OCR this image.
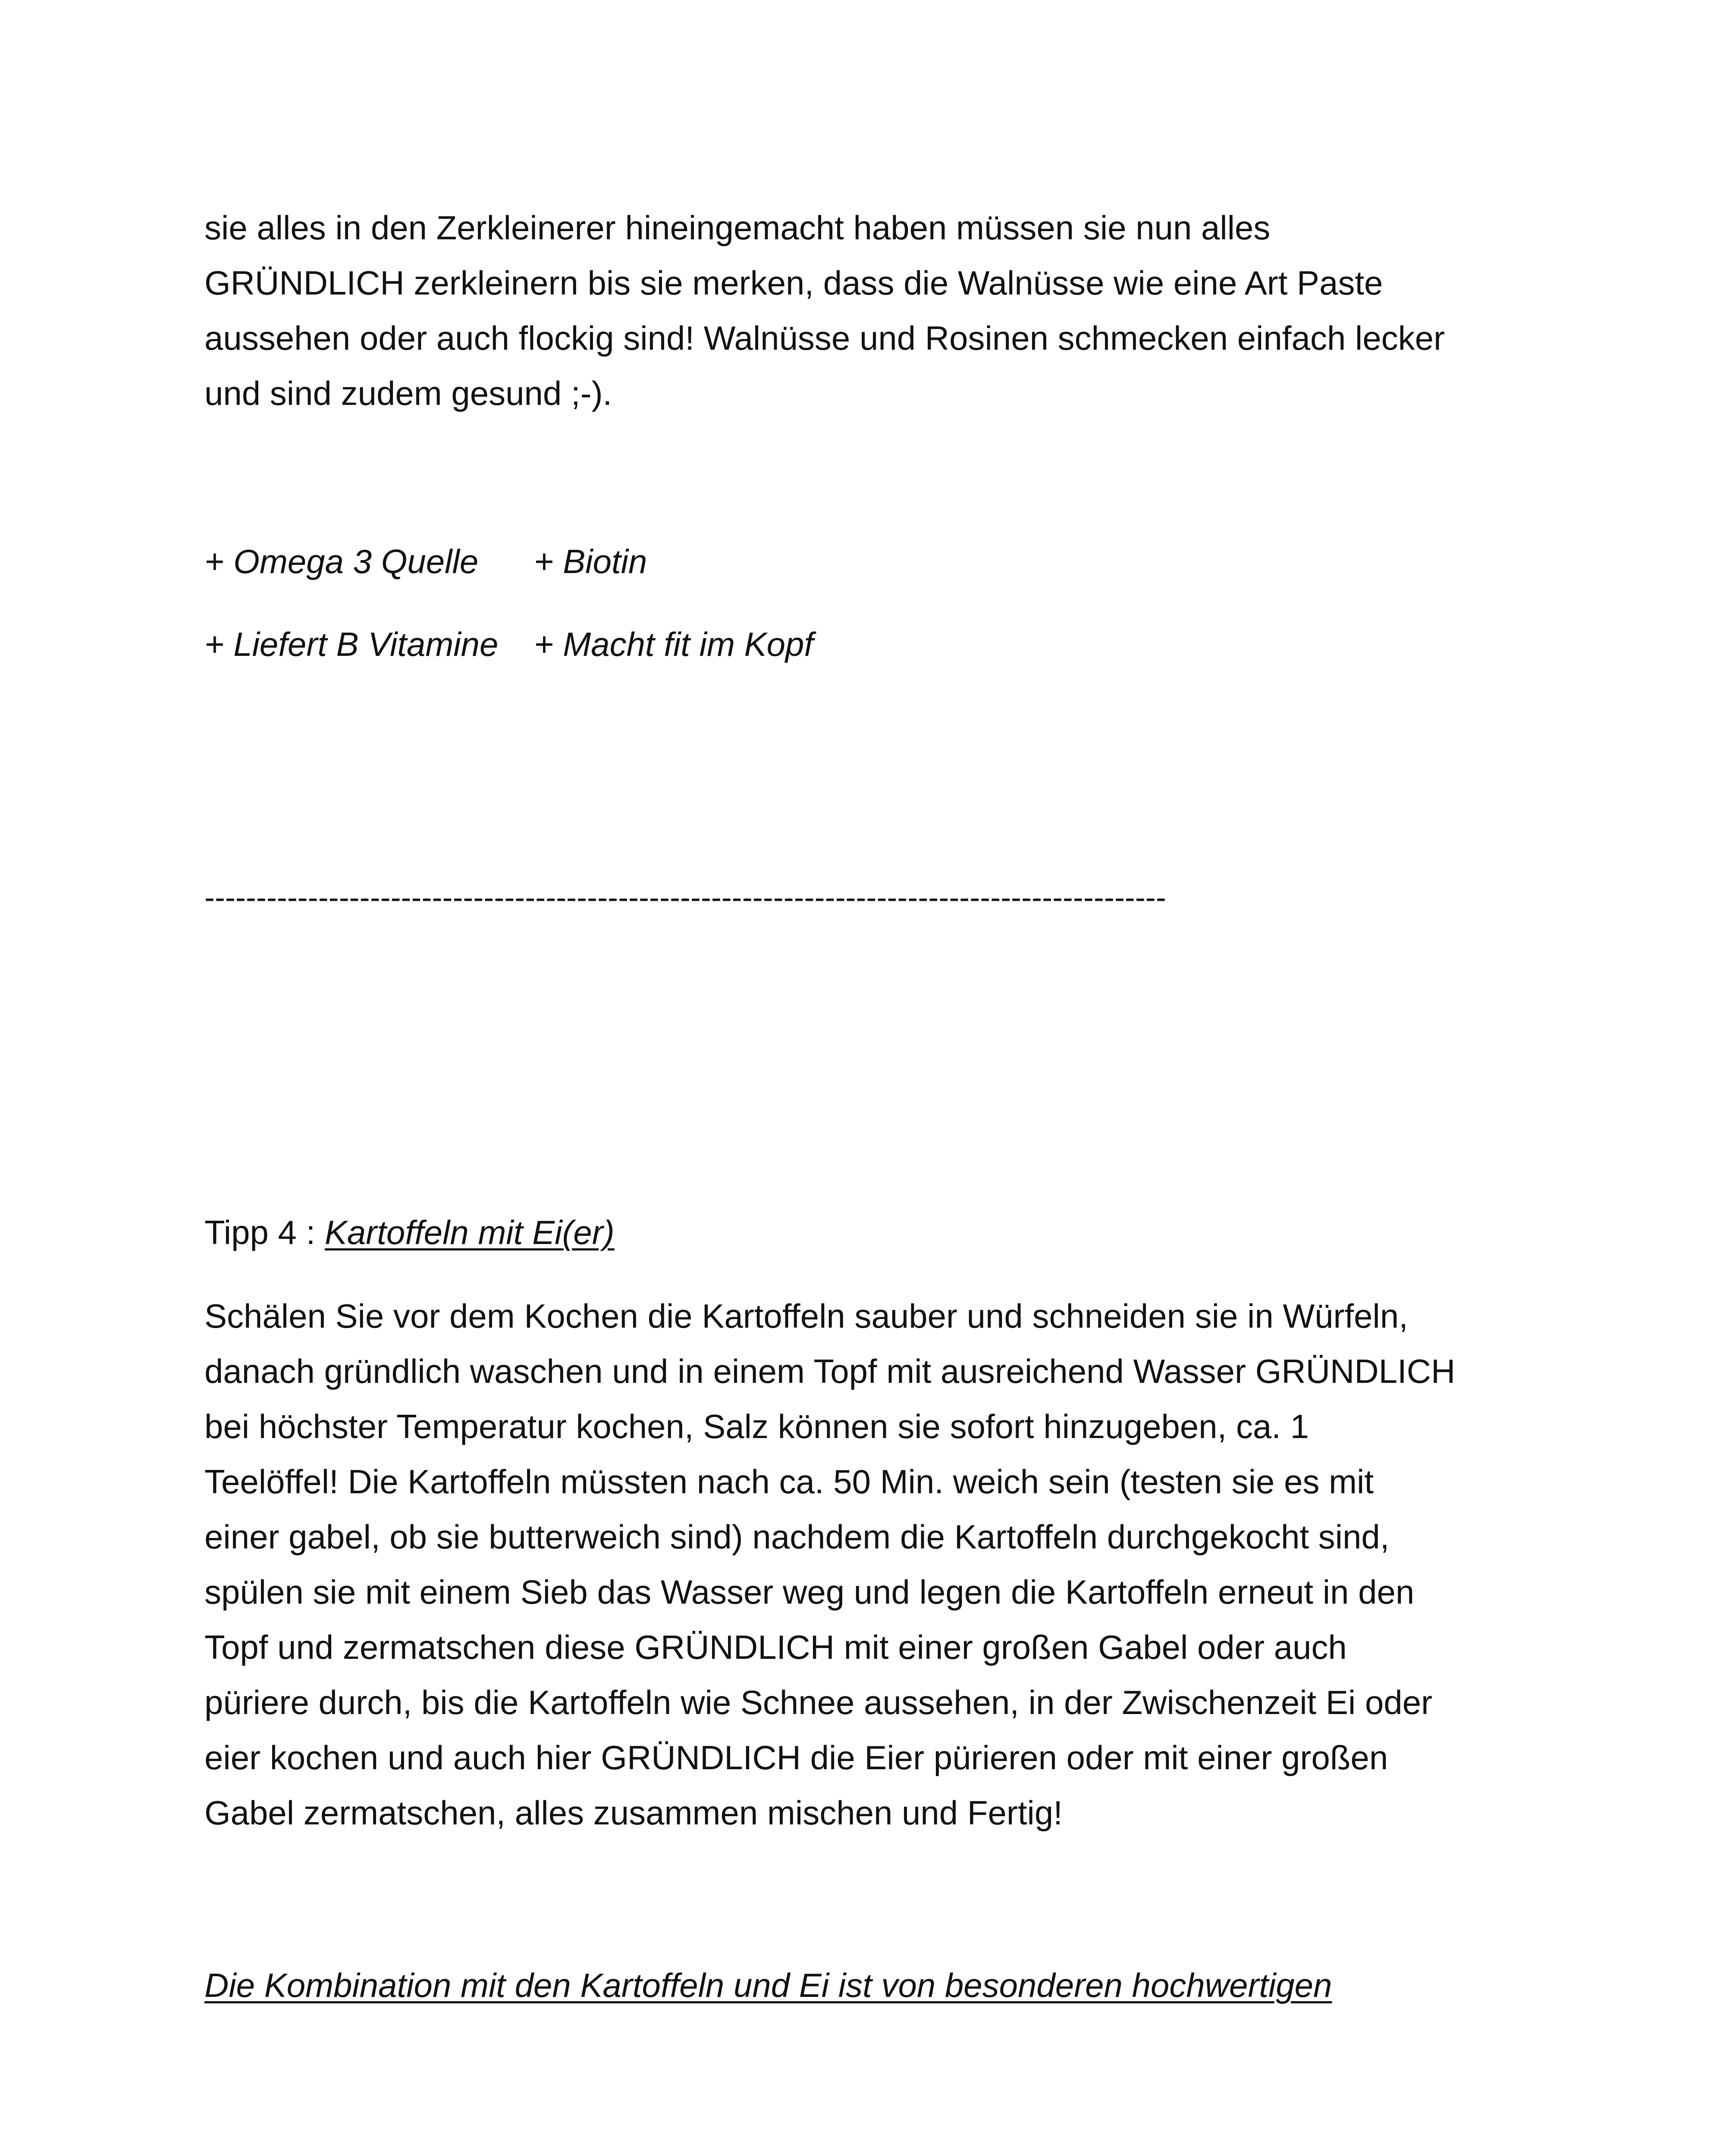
sie alles in den Zerkleinerer hineingemacht haben müssen sie nun alles
GRÜNDLICH zerkleinern bis sie merken, dass die Walnüsse wie eine Art Paste
aussehen oder auch flockig sind! Walnüsse und Rosinen schmecken einfach lecker
und sind zudem gesund ;-).
+ Omega 3 Quelle + Biotin
+ Liefert B Vitamine + Macht fit im Kopf
---------------------------------------------------------------------------------------------
Tipp 4 : Kartoffeln mit Ei(er)
Schälen Sie vor dem Kochen die Kartoffeln sauber und schneiden sie in Würfeln,
danach gründlich waschen und in einem Topf mit ausreichend Wasser GRÜNDLICH
bei höchster Temperatur kochen, Salz können sie sofort hinzugeben, ca. 1
Teelöffel! Die Kartoffeln müssten nach ca. 50 Min. weich sein (testen sie es mit
einer gabel, ob sie butterweich sind) nachdem die Kartoffeln durchgekocht sind,
spülen sie mit einem Sieb das Wasser weg und legen die Kartoffeln erneut in den
Topf und zermatschen diese GRÜNDLICH mit einer großen Gabel oder auch
püriere durch, bis die Kartoffeln wie Schnee aussehen, in der Zwischenzeit Ei oder
eier kochen und auch hier GRÜNDLICH die Eier pürieren oder mit einer großen
Gabel zermatschen, alles zusammen mischen und Fertig!
Die Kombination mit den Kartoffeln und Ei ist von besonderen hochwertigen
